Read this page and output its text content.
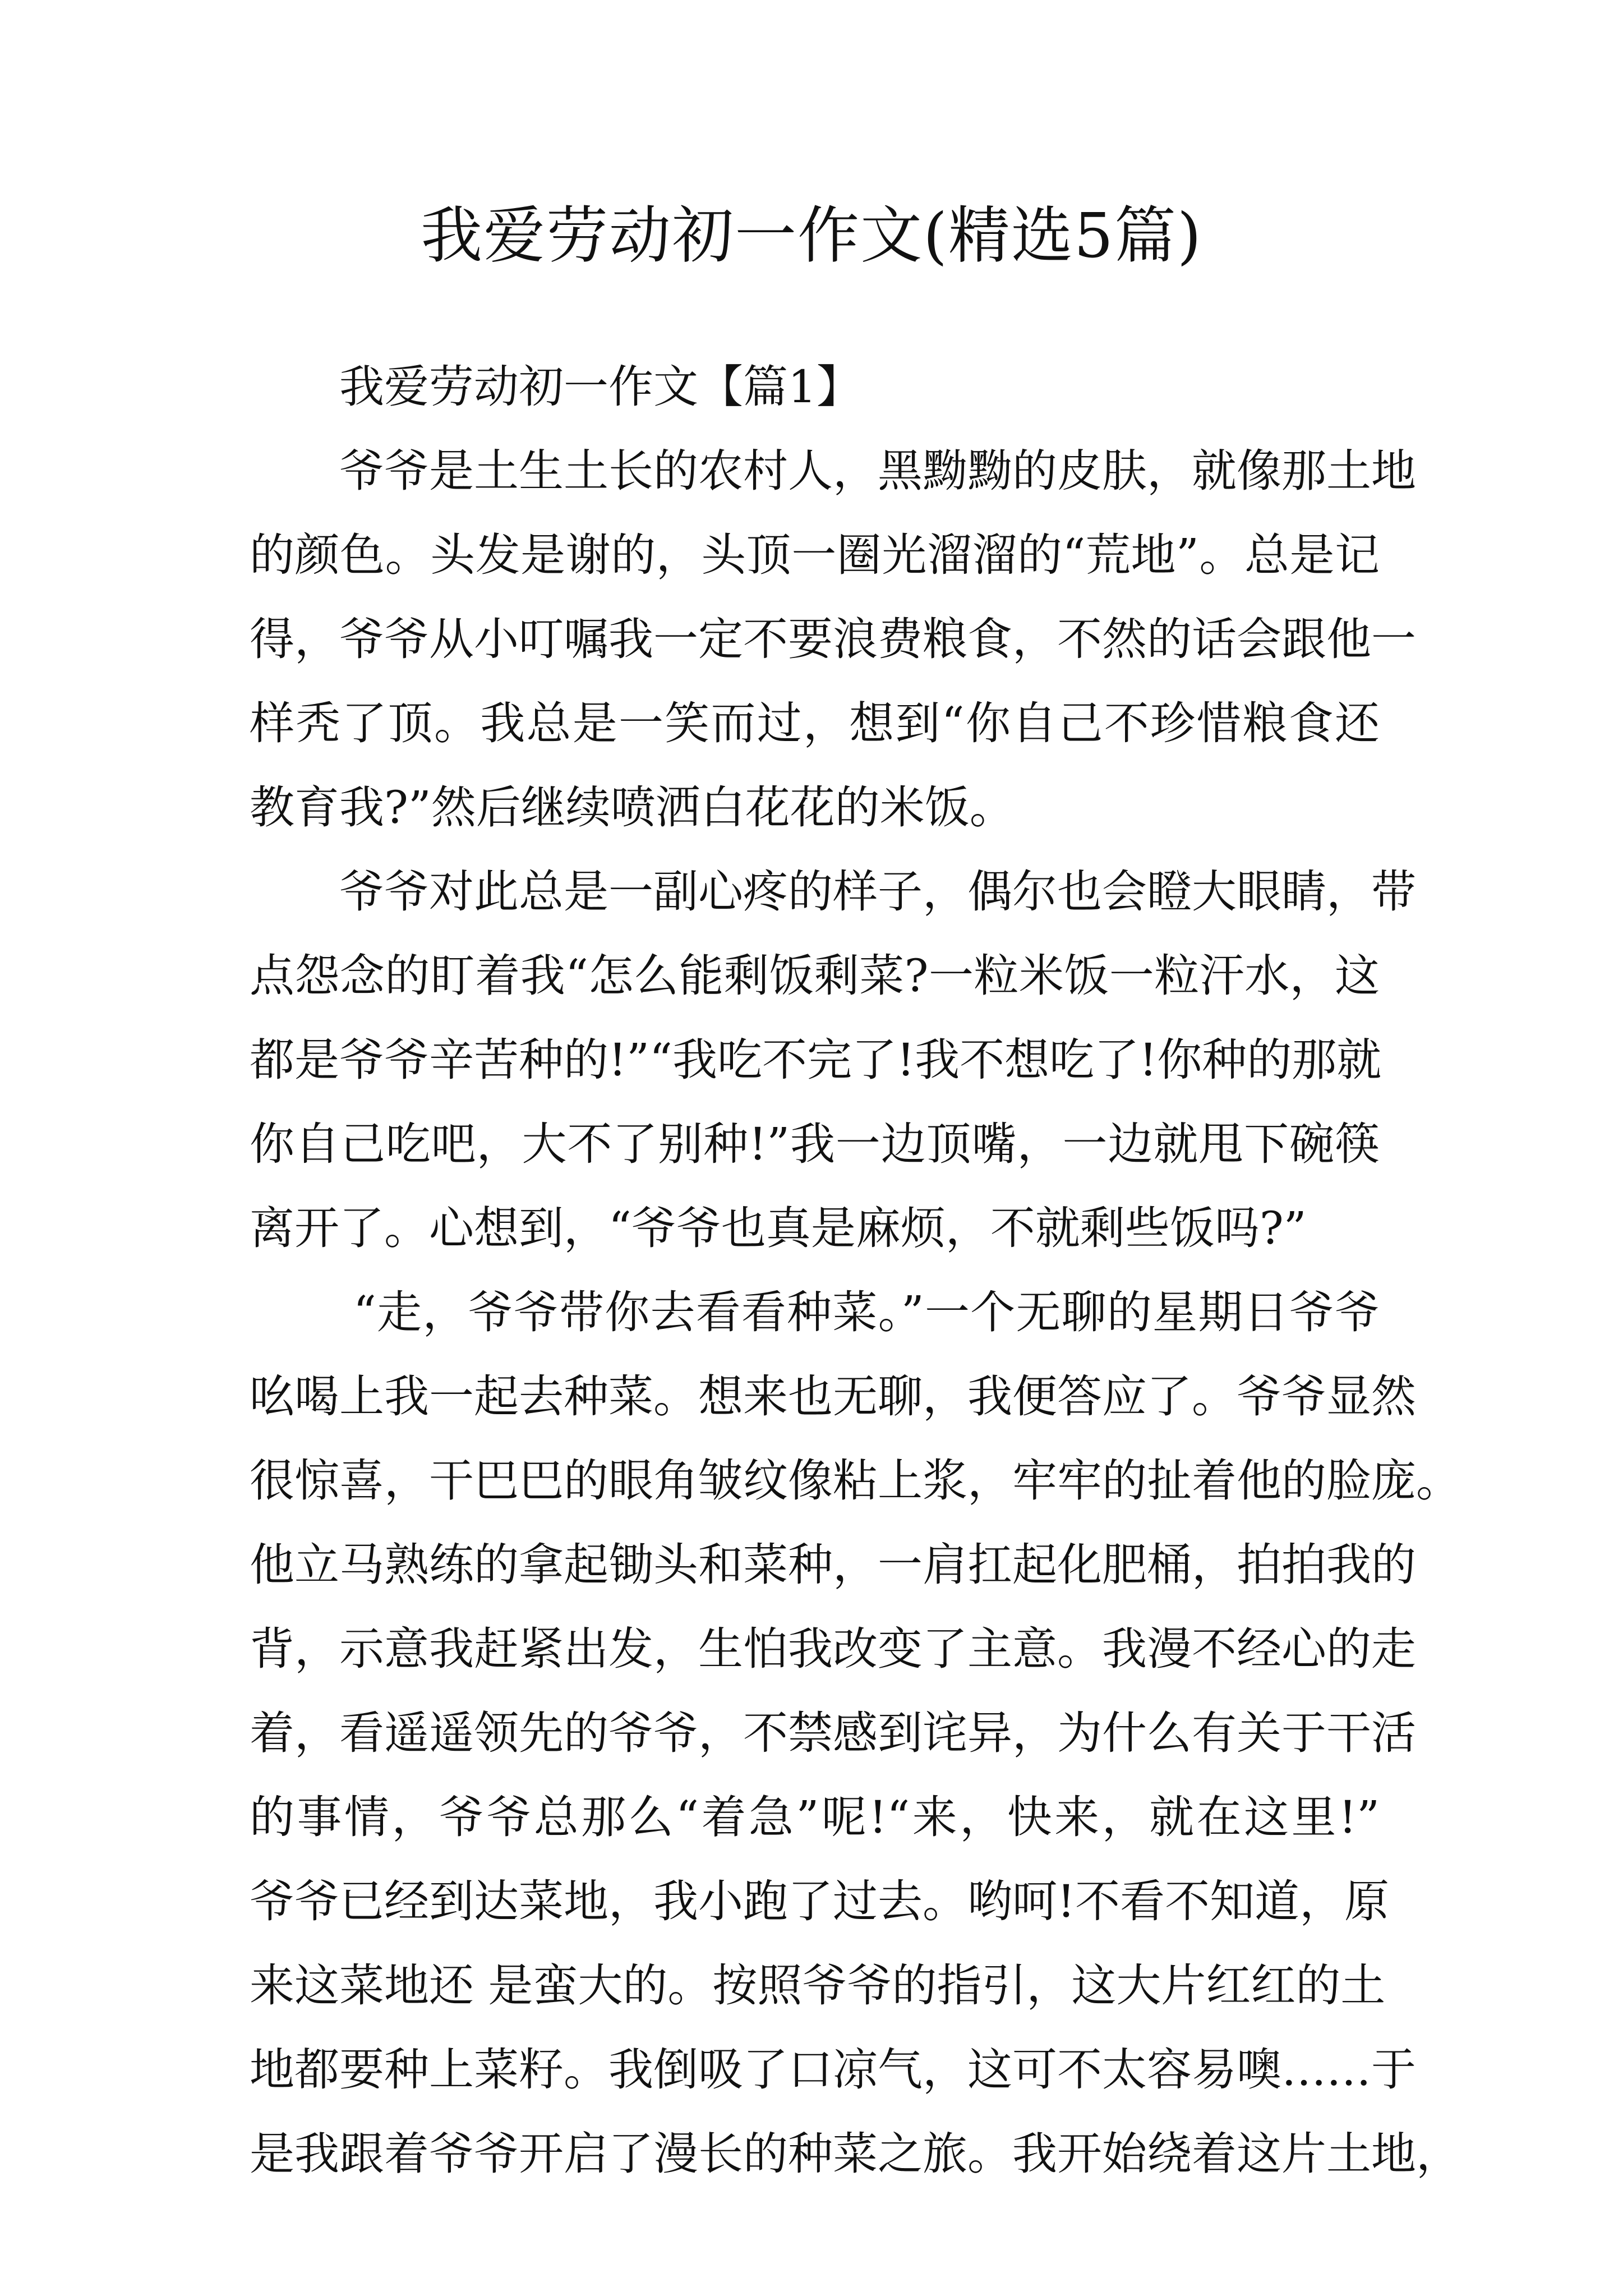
我爱劳动初一作文(精选5篇)
我爱劳动初一作文【篇1】

爷爷是土生土长的农村人，黑黝黝的皮肤，就像那土地
的颜色。头发是谢的，头顶一圈光溜溜的“荒地”。总是记
得，爷爷从小叮嘱我一定不要浪费粮食，不然的话会跟他一
样秃了顶。我总是一笑而过，想到“你自己不珍惜粮食还
教育我?”然后继续喷洒白花花的米饭。

爷爷对此总是一副心疼的样子，偶尔也会瞪大眼睛，带
点怨念的盯着我“怎么能剩饭剩菜?一粒米饭一粒汗水，这
都是爷爷辛苦种的!”“我吃不完了!我不想吃了!你种的那就
你自己吃吧，大不了别种!”我一边顶嘴，一边就甩下碗筷
离开了。心想到，“爷爷也真是麻烦，不就剩些饭吗?”

“走，爷爷带你去看看种菜。”一个无聊的星期日爷爷
吆喝上我一起去种菜。想来也无聊，我便答应了。爷爷显然
很惊喜，干巴巴的眼角皱纹像粘上浆，牢牢的扯着他的脸庞。
他立马熟练的拿起锄头和菜种，一肩扛起化肥桶，拍拍我的
背，示意我赶紧出发，生怕我改变了主意。我漫不经心的走
着，看遥遥领先的爷爷，不禁感到诧异，为什么有关于干活
的事情，爷爷总那么“着急”呢!“来，快来，就在这里!”
爷爷已经到达菜地，我小跑了过去。哟呵!不看不知道，原
来这菜地还 是蛮大的。按照爷爷的指引，这大片红红的土
地都要种上菜籽。我倒吸了口凉气，这可不太容易噢……于
是我跟着爷爷开启了漫长的种菜之旅。我开始绕着这片土地，
